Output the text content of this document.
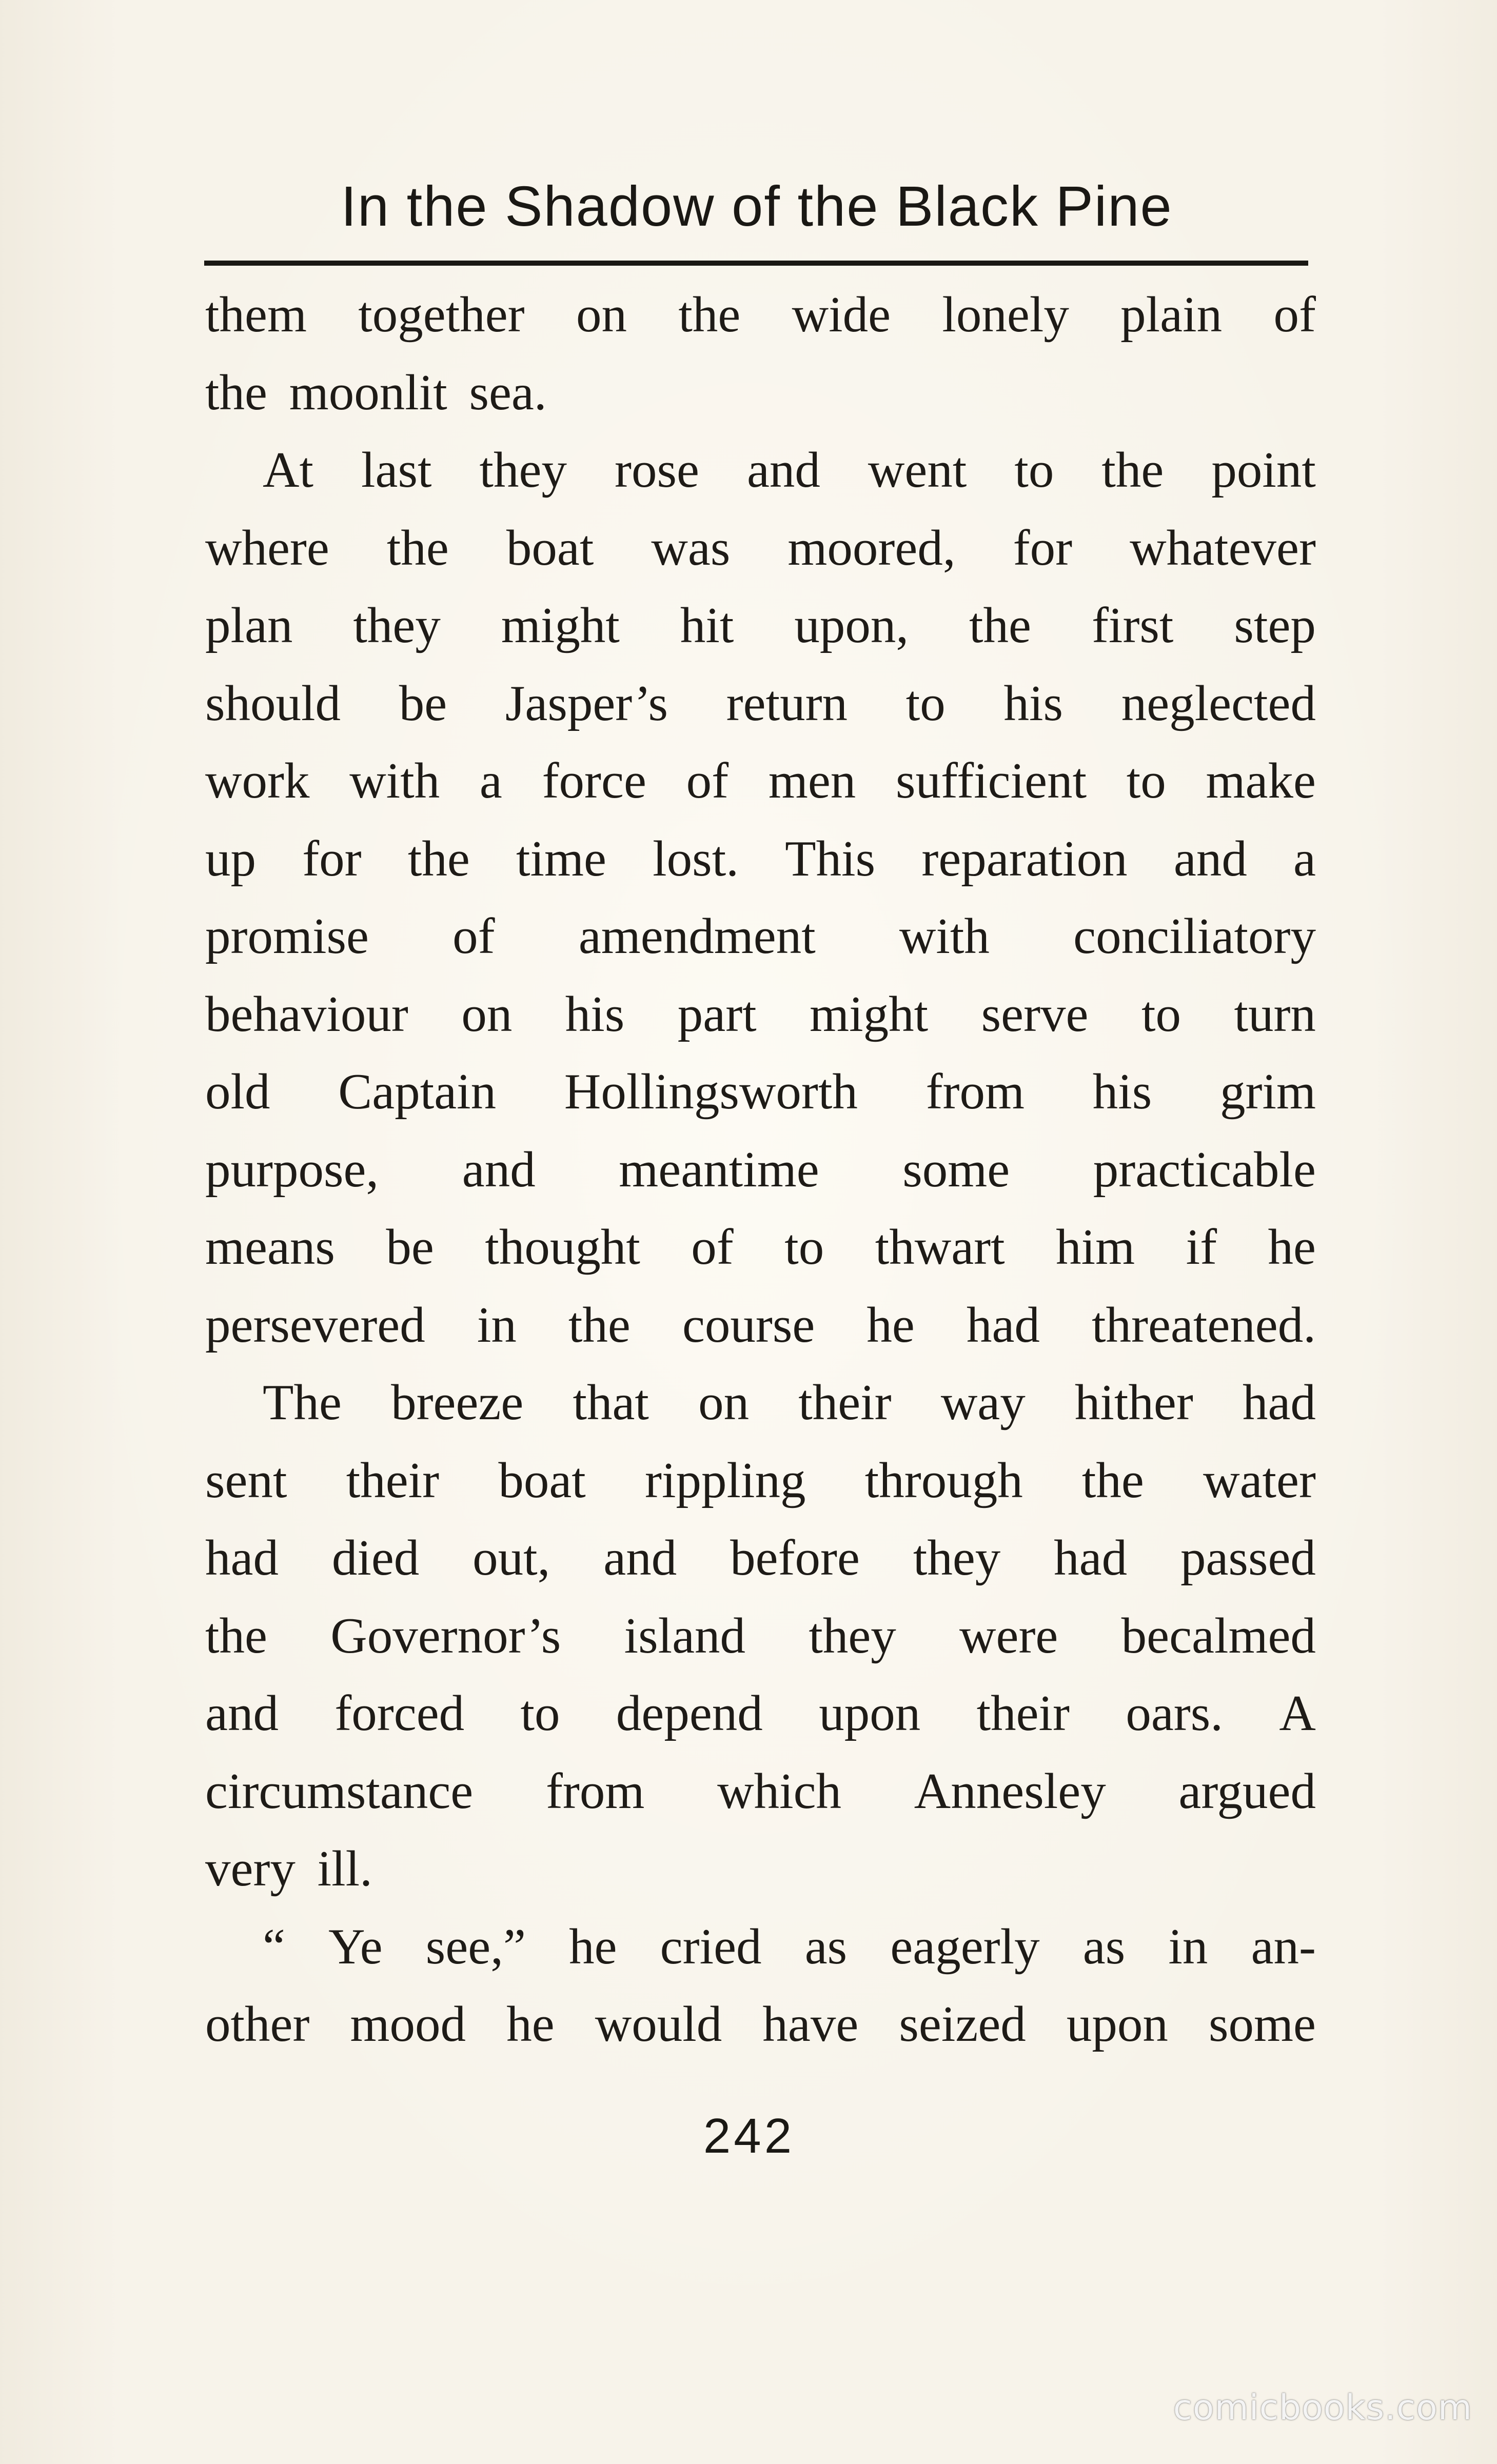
In the Shadow of the Black Pine
them together on the wide lonely plain of
the moonlit sea.
At last they rose and went to the point
where the boat was moored, for whatever
plan they might hit upon, the first step
should be Jasper’s return to his neglected
work with a force of men sufficient to make
up for the time lost. This reparation and a
promise of amendment with conciliatory
behaviour on his part might serve to turn
old Captain Hollingsworth from his grim
purpose, and meantime some practicable
means be thought of to thwart him if he
persevered in the course he had threatened.
The breeze that on their way hither had
sent their boat rippling through the water
had died out, and before they had passed
the Governor’s island they were becalmed
and forced to depend upon their oars. A
circumstance from which Annesley argued
very ill.
“ Ye see,” he cried as eagerly as in an-
other mood he would have seized upon some
242
comicbooks.com
